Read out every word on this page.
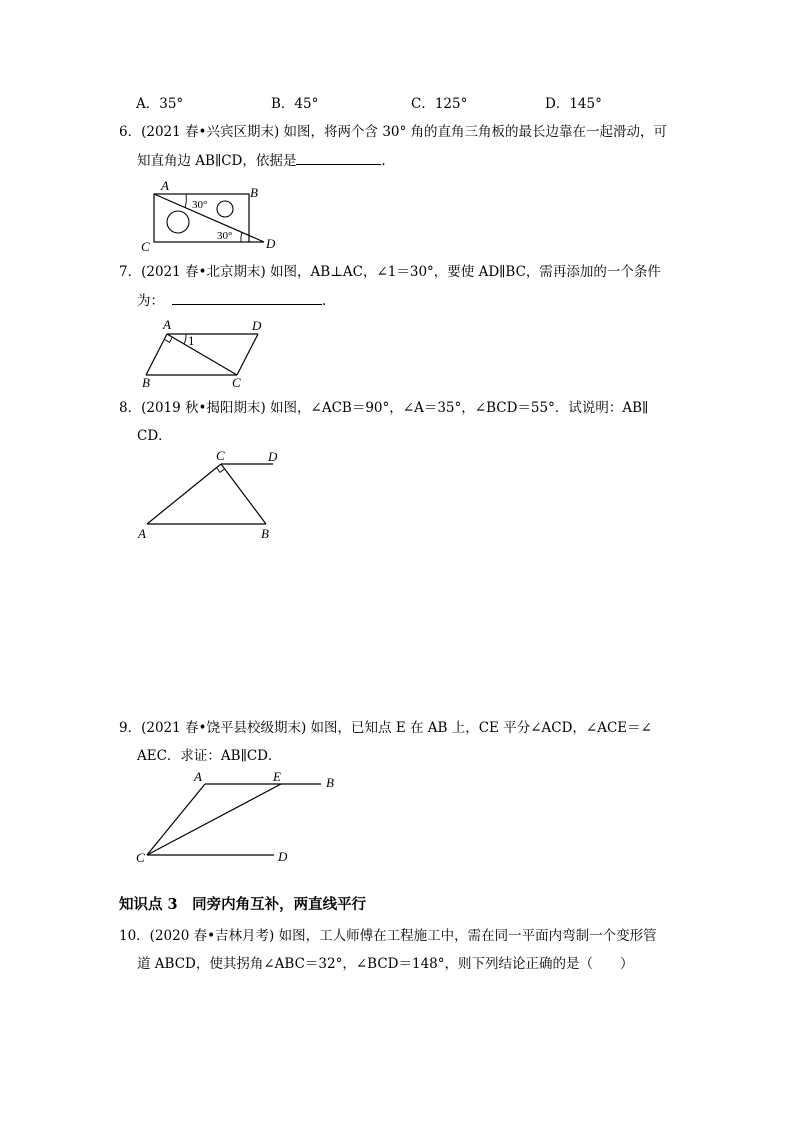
A．35°	B．45°	C．125°	D．145°
6．(2021 春•兴宾区期末) 如图，将两个含 30° 角的直角三角板的最长边靠在一起滑动，可
知直角边 AB∥CD，依据是	.
A	B
C	D
30°
30°
7．(2021 春•北京期末) 如图，AB⊥AC，∠1＝30°，要使 AD∥BC，需再添加的一个条件
为：	.
A	D
B	C
1
8．(2019 秋•揭阳期末) 如图，∠ACB＝90°，∠A＝35°，∠BCD＝55°．试说明：AB∥
CD．
C	D
A	B
9．(2021 春•饶平县校级期末) 如图，已知点 E 在 AB 上，CE 平分∠ACD，∠ACE＝∠
AEC．求证：AB∥CD．
A	E	B
C	D
知识点 3　同旁内角互补，两直线平行
10．(2020 春•吉林月考) 如图，工人师傅在工程施工中，需在同一平面内弯制一个变形管
道 ABCD，使其拐角∠ABC＝32°，∠BCD＝148°，则下列结论正确的是（　　）
